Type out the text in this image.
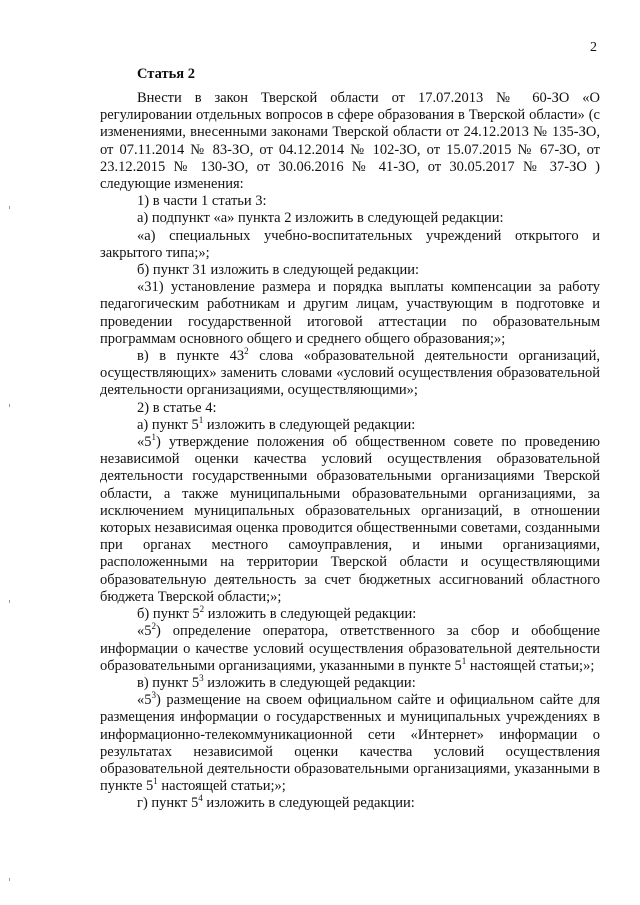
2
Статья 2

Внести в закон Тверской области от 17.07.2013 № 60-ЗО «О регулировании отдельных вопросов в сфере образования в Тверской области» (с изменениями, внесенными законами Тверской области от 24.12.2013 № 135-ЗО, от 07.11.2014 № 83-ЗО, от 04.12.2014 № 102-ЗО, от 15.07.2015 № 67-ЗО, от 23.12.2015 № 130-ЗО, от 30.06.2016 № 41-ЗО, от 30.05.2017 № 37-ЗО ) следующие изменения:

1) в части 1 статьи 3:

а) подпункт «а» пункта 2 изложить в следующей редакции:

«а) специальных учебно-воспитательных учреждений открытого и закрытого типа;»;

б) пункт 31 изложить в следующей редакции:

«31) установление размера и порядка выплаты компенсации за работу педагогическим работникам и другим лицам, участвующим в подготовке и проведении государственной итоговой аттестации по образовательным программам основного общего и среднего общего образования;»;

в) в пункте $43^2$ слова «образовательной деятельности организаций, осуществляющих» заменить словами «условий осуществления образовательной деятельности организациями, осуществляющими»;

2) в статье 4:

а) пункт $5^1$ изложить в следующей редакции:

«$5^1$) утверждение положения об общественном совете по проведению независимой оценки качества условий осуществления образовательной деятельности государственными образовательными организациями Тверской области, а также муниципальными образовательными организациями, за исключением муниципальных образовательных организаций, в отношении которых независимая оценка проводится общественными советами, созданными при органах местного самоуправления, и иными организациями, расположенными на территории Тверской области и осуществляющими образовательную деятельность за счет бюджетных ассигнований областного бюджета Тверской области;»;

б) пункт $5^2$ изложить в следующей редакции:

«$5^2$) определение оператора, ответственного за сбор и обобщение информации о качестве условий осуществления образовательной деятельности образовательными организациями, указанными в пункте $5^1$ настоящей статьи;»;

в) пункт $5^3$ изложить в следующей редакции:

«$5^3$) размещение на своем официальном сайте и официальном сайте для размещения информации о государственных и муниципальных учреждениях в информационно-телекоммуникационной сети «Интернет» информации о результатах независимой оценки качества условий осуществления образовательной деятельности образовательными организациями, указанными в пункте $5^1$ настоящей статьи;»;

г) пункт $5^4$ изложить в следующей редакции:
